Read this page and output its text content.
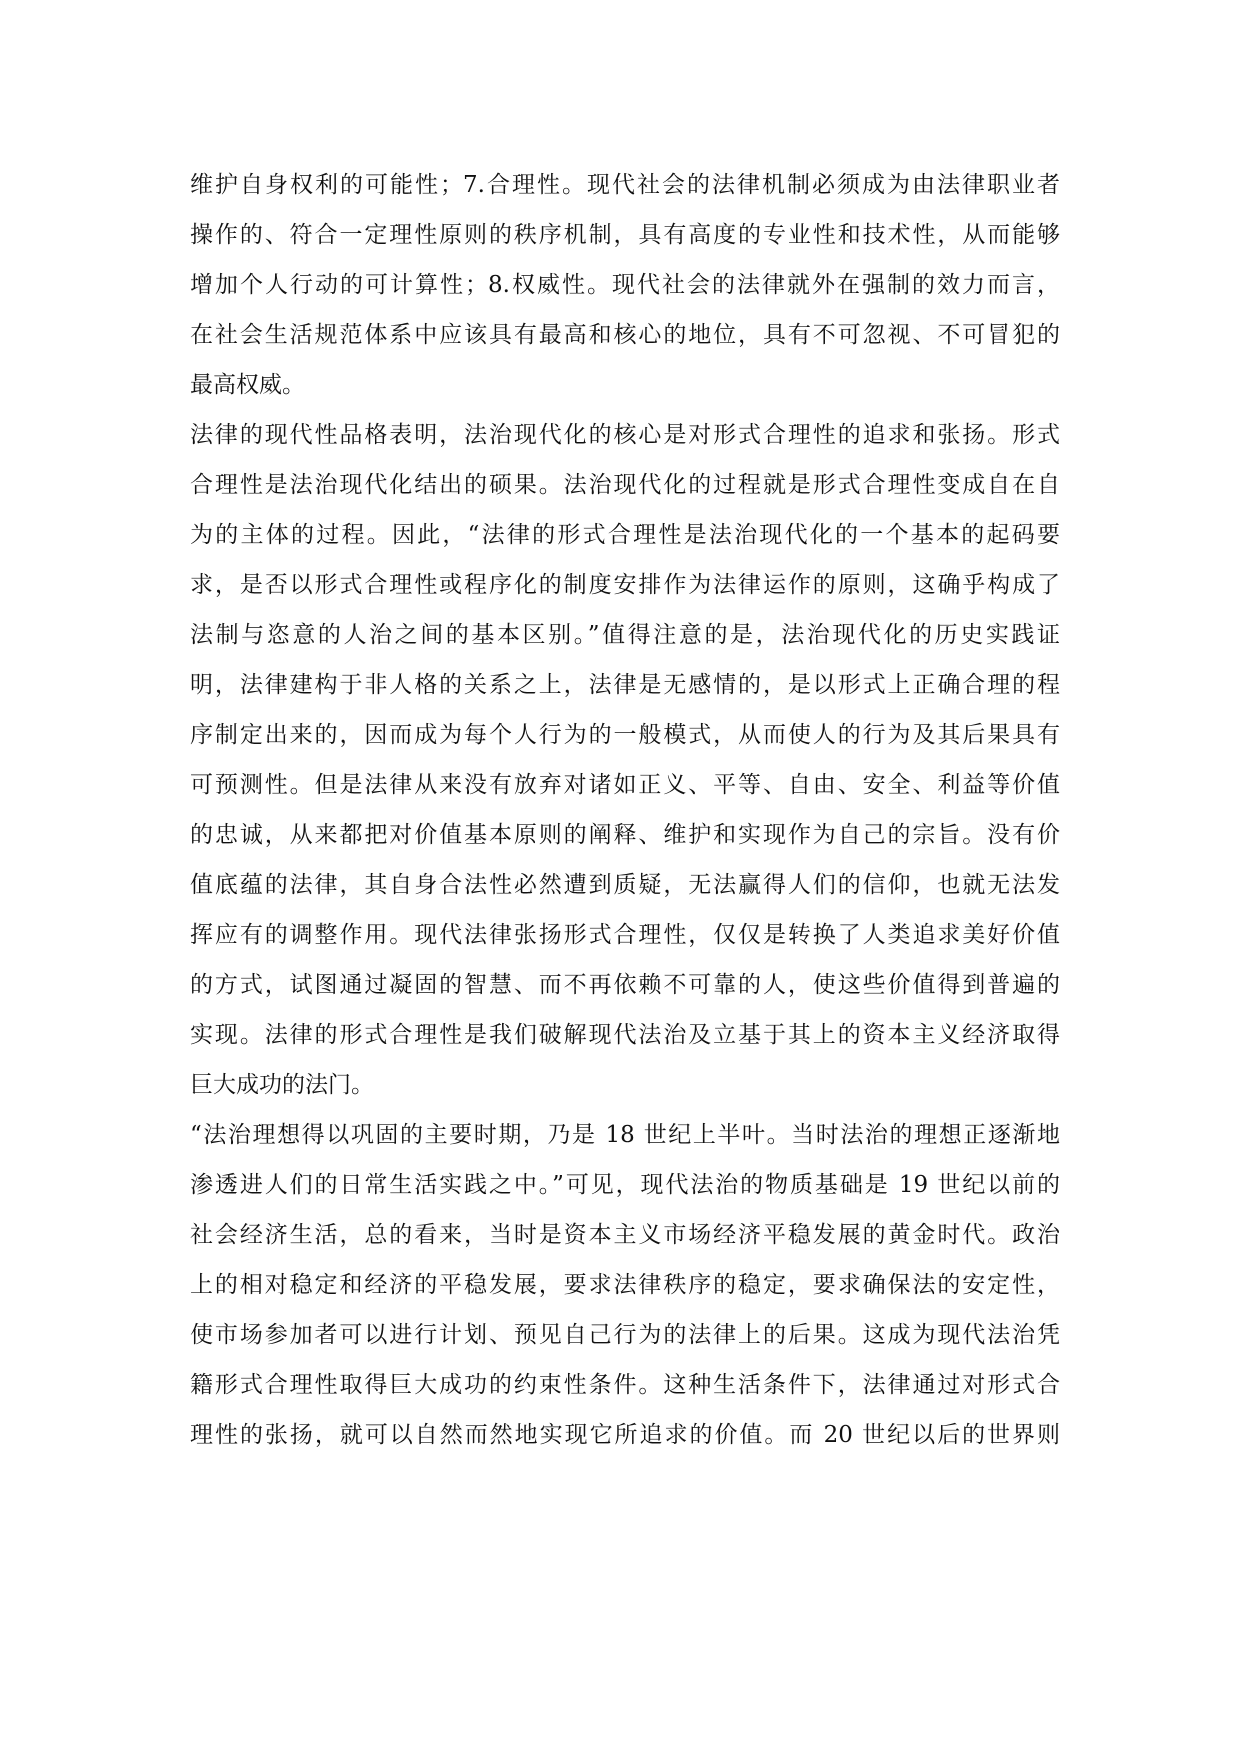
维护自身权利的可能性；7.合理性。现代社会的法律机制必须成为由法律职业者
操作的、符合一定理性原则的秩序机制，具有高度的专业性和技术性，从而能够
增加个人行动的可计算性；8.权威性。现代社会的法律就外在强制的效力而言，
在社会生活规范体系中应该具有最高和核心的地位，具有不可忽视、不可冒犯的
最高权威。
法律的现代性品格表明，法治现代化的核心是对形式合理性的追求和张扬。形式
合理性是法治现代化结出的硕果。法治现代化的过程就是形式合理性变成自在自
为的主体的过程。因此，“法律的形式合理性是法治现代化的一个基本的起码要
求，是否以形式合理性或程序化的制度安排作为法律运作的原则，这确乎构成了
法制与恣意的人治之间的基本区别。”值得注意的是，法治现代化的历史实践证
明，法律建构于非人格的关系之上，法律是无感情的，是以形式上正确合理的程
序制定出来的，因而成为每个人行为的一般模式，从而使人的行为及其后果具有
可预测性。但是法律从来没有放弃对诸如正义、平等、自由、安全、利益等价值
的忠诚，从来都把对价值基本原则的阐释、维护和实现作为自己的宗旨。没有价
值底蕴的法律，其自身合法性必然遭到质疑，无法赢得人们的信仰，也就无法发
挥应有的调整作用。现代法律张扬形式合理性，仅仅是转换了人类追求美好价值
的方式，试图通过凝固的智慧、而不再依赖不可靠的人，使这些价值得到普遍的
实现。法律的形式合理性是我们破解现代法治及立基于其上的资本主义经济取得
巨大成功的法门。
“法治理想得以巩固的主要时期，乃是 18 世纪上半叶。当时法治的理想正逐渐地
渗透进人们的日常生活实践之中。”可见，现代法治的物质基础是 19 世纪以前的
社会经济生活，总的看来，当时是资本主义市场经济平稳发展的黄金时代。政治
上的相对稳定和经济的平稳发展，要求法律秩序的稳定，要求确保法的安定性，
使市场参加者可以进行计划、预见自己行为的法律上的后果。这成为现代法治凭
籍形式合理性取得巨大成功的约束性条件。这种生活条件下，法律通过对形式合
理性的张扬，就可以自然而然地实现它所追求的价值。而 20 世纪以后的世界则
